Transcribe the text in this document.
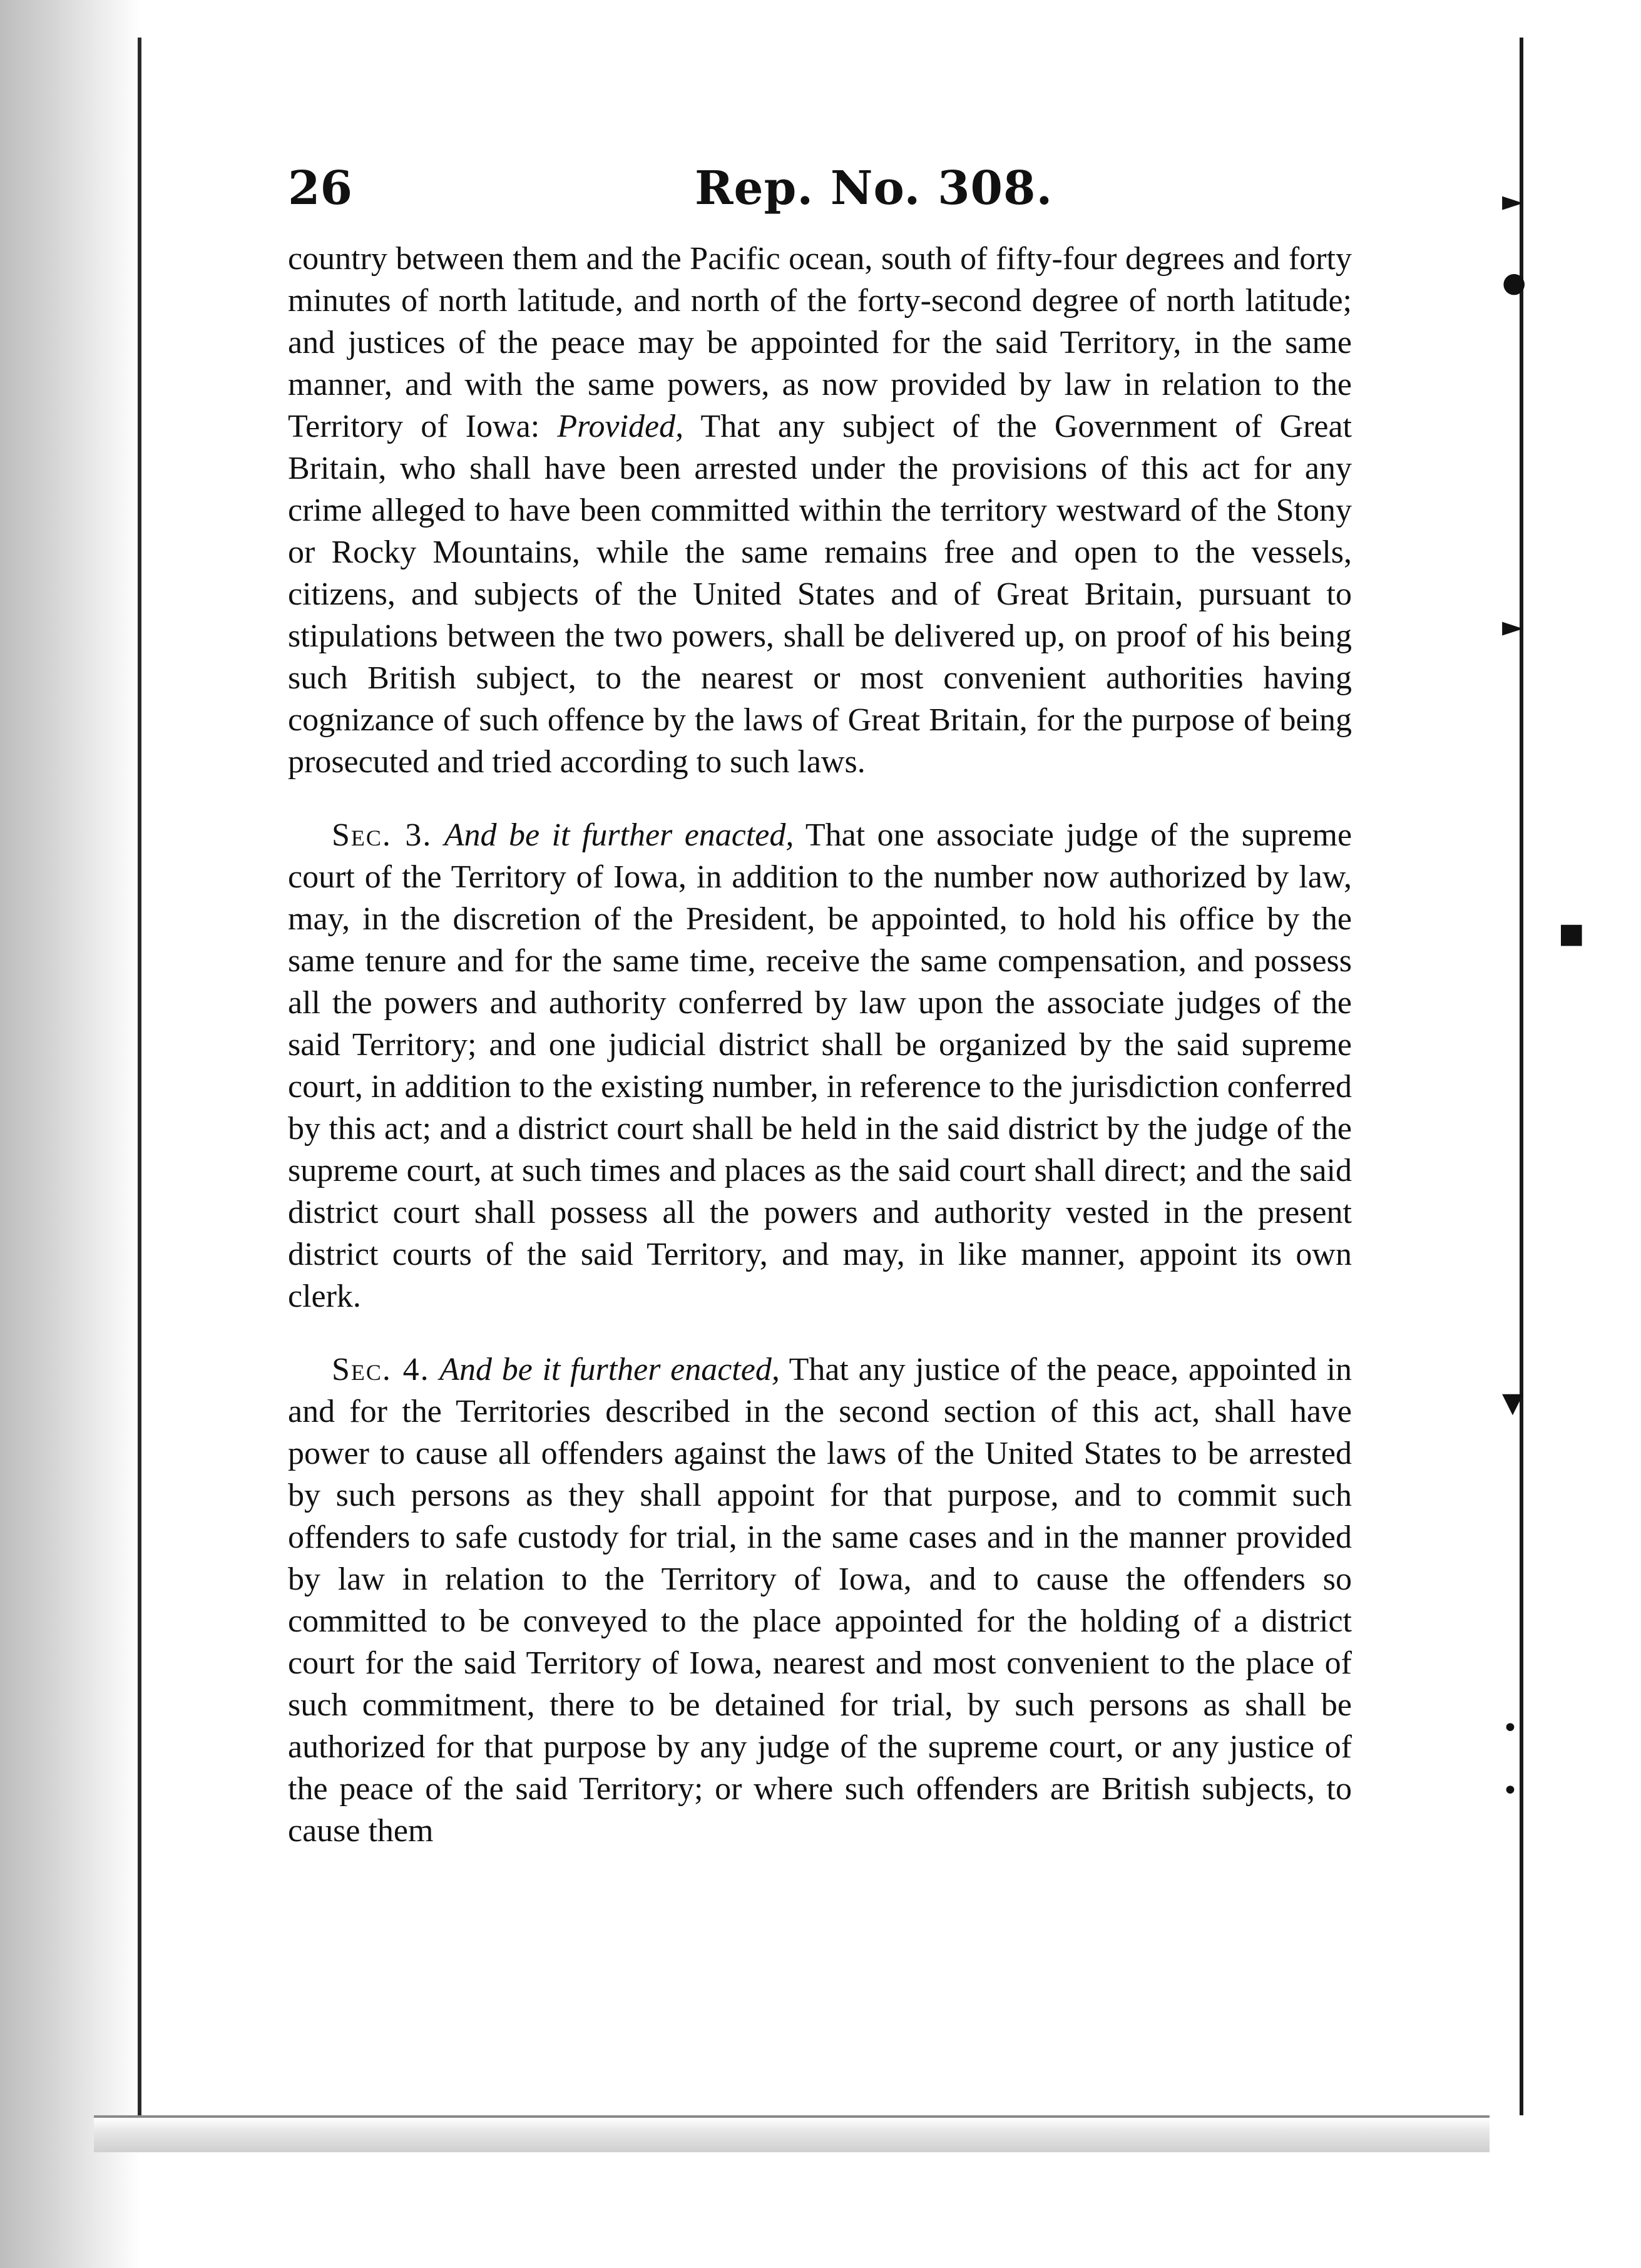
►
●
►
■
▼
•
•
26	Rep. No. 308.

country between them and the Pacific ocean, south of fifty-four degrees and forty minutes of north latitude, and north of the forty-second degree of north latitude; and justices of the peace may be appointed for the said Territory, in the same manner, and with the same powers, as now provided by law in relation to the Territory of Iowa: Provided, That any subject of the Government of Great Britain, who shall have been arrested under the provisions of this act for any crime alleged to have been committed within the territory westward of the Stony or Rocky Mountains, while the same remains free and open to the vessels, citizens, and subjects of the United States and of Great Britain, pursuant to stipulations between the two powers, shall be delivered up, on proof of his being such British subject, to the nearest or most convenient authorities having cognizance of such offence by the laws of Great Britain, for the purpose of being prosecuted and tried according to such laws.

Sec. 3. And be it further enacted, That one associate judge of the supreme court of the Territory of Iowa, in addition to the number now authorized by law, may, in the discretion of the President, be appointed, to hold his office by the same tenure and for the same time, receive the same compensation, and possess all the powers and authority conferred by law upon the associate judges of the said Territory; and one judicial district shall be organized by the said supreme court, in addition to the existing number, in reference to the jurisdiction conferred by this act; and a district court shall be held in the said district by the judge of the supreme court, at such times and places as the said court shall direct; and the said district court shall possess all the powers and authority vested in the present district courts of the said Territory, and may, in like manner, appoint its own clerk.

Sec. 4. And be it further enacted, That any justice of the peace, appointed in and for the Territories described in the second section of this act, shall have power to cause all offenders against the laws of the United States to be arrested by such persons as they shall appoint for that purpose, and to commit such offenders to safe custody for trial, in the same cases and in the manner provided by law in relation to the Territory of Iowa, and to cause the offenders so committed to be conveyed to the place appointed for the holding of a district court for the said Territory of Iowa, nearest and most convenient to the place of such commitment, there to be detained for trial, by such persons as shall be authorized for that purpose by any judge of the supreme court, or any justice of the peace of the said Territory; or where such offenders are British subjects, to cause them
